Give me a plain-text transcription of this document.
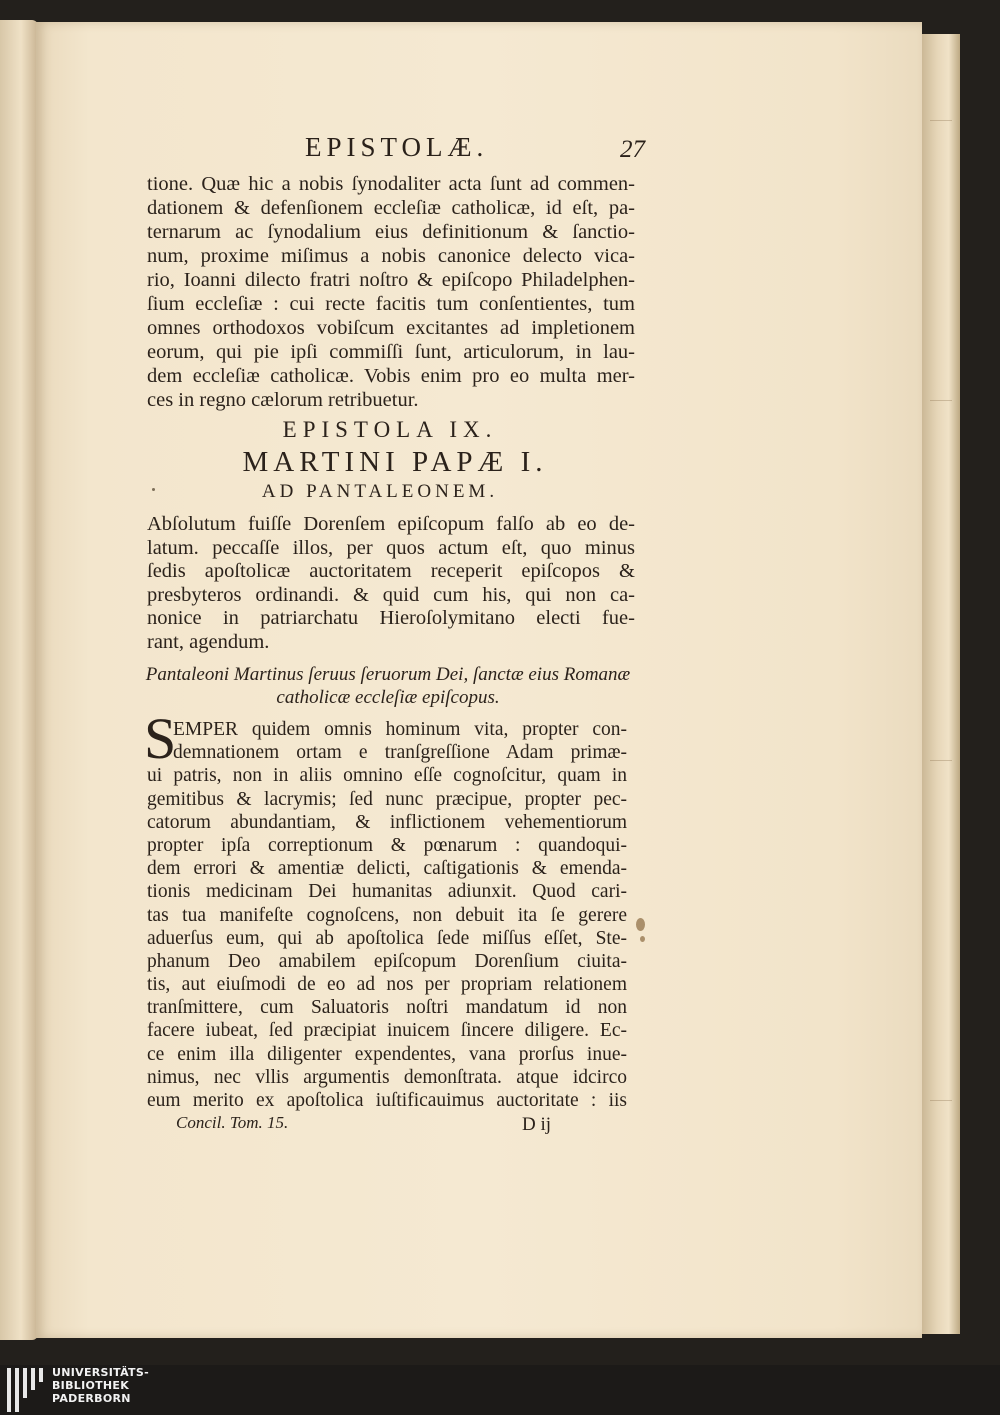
EPISTOLÆ.	27
tione. Quæ hic a nobis ſynodaliter acta ſunt ad commen-
dationem & defenſionem eccleſiæ catholicæ, id eſt, pa-
ternarum ac ſynodalium eius definitionum & ſanctio-
num, proxime miſimus a nobis canonice delecto vica-
rio, Ioanni dilecto fratri noſtro & epiſcopo Philadelphen-
ſium eccleſiæ : cui recte facitis tum conſentientes, tum
omnes orthodoxos vobiſcum excitantes ad impletionem
eorum, qui pie ipſi commiſſi ſunt, articulorum, in lau-
dem eccleſiæ catholicæ. Vobis enim pro eo multa mer-
ces in regno cælorum retribuetur.
EPISTOLA IX.
MARTINI PAPÆ I.
AD PANTALEONEM.
Abſolutum fuiſſe Dorenſem epiſcopum falſo ab eo de-
latum. peccaſſe illos, per quos actum eſt, quo minus
ſedis apoſtolicæ auctoritatem receperit epiſcopos &
presbyteros ordinandi. & quid cum his, qui non ca-
nonice in patriarchatu Hieroſolymitano electi fue-
rant, agendum.
Pantaleoni Martinus ſeruus ſeruorum Dei, ſanctæ eius Romanæ
catholicæ eccleſiæ epiſcopus.
S
EMPER quidem omnis hominum vita, propter con-
demnationem ortam e tranſgreſſione Adam primæ-
ui patris, non in aliis omnino eſſe cognoſcitur, quam in
gemitibus & lacrymis; ſed nunc præcipue, propter pec-
catorum abundantiam, & inflictionem vehementiorum
propter ipſa correptionum & pœnarum : quandoqui-
dem errori & amentiæ delicti, caſtigationis & emenda-
tionis medicinam Dei humanitas adiunxit. Quod cari-
tas tua manifeſte cognoſcens, non debuit ita ſe gerere
aduerſus eum, qui ab apoſtolica ſede miſſus eſſet, Ste-
phanum Deo amabilem epiſcopum Dorenſium ciuita-
tis, aut eiuſmodi de eo ad nos per propriam relationem
tranſmittere, cum Saluatoris noſtri mandatum id non
facere iubeat, ſed præcipiat inuicem ſincere diligere. Ec-
ce enim illa diligenter expendentes, vana prorſus inue-
nimus, nec vllis argumentis demonſtrata. atque idcirco
eum merito ex apoſtolica iuſtificauimus auctoritate : iis
Concil. Tom. 15.	D ij
UNIVERSITÄTS-
BIBLIOTHEK
PADERBORN
